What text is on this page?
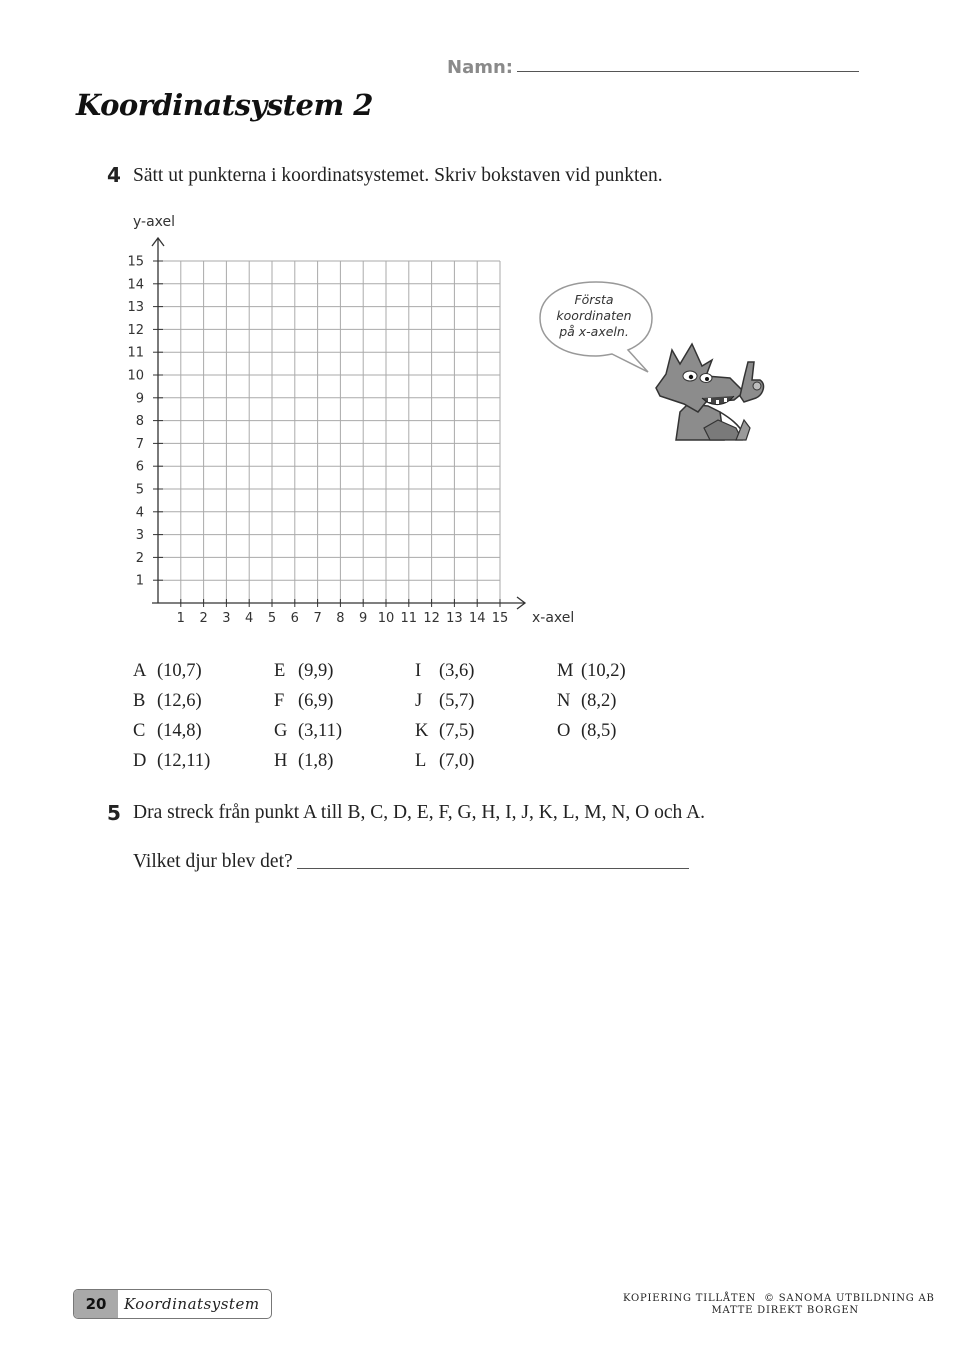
Namn:
Koordinatsystem 2
4 Sätt ut punkterna i koordinatsystemet. Skriv bokstaven vid punkten.
1 2 3 4 5 6 7 8 9 10 11 12 13 14 15
1
2
3
4
5
6
7
8
9
10
11
12
13
14
15
y-axel
x-axel
Första
koordinaten
på x-axeln.
A (10,7)
B (12,6)
C (14,8)
D (12,11)
E (9,9)
F (6,9)
G (3,11)
H (1,8)
I (3,6)
J (5,7)
K (7,5)
L (7,0)
M (10,2)
N (8,2)
O (8,5)
5 Dra streck från punkt A till B, C, D, E, F, G, H, I, J, K, L, M, N, O och A.
Vilket djur blev det?
20	Koordinatsystem	KOPIERING TILLÅTEN © SANOMA UTBILDNING AB
MATTE DIREKT BORGEN
